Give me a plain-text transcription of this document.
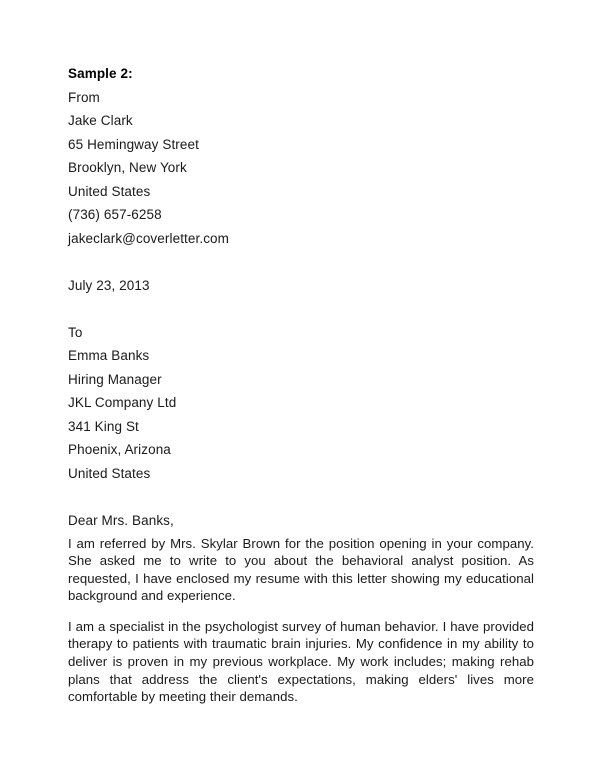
Sample 2:
From
Jake Clark
65 Hemingway Street
Brooklyn, New York
United States
(736) 657-6258
jakeclark@coverletter.com
July 23, 2013
To
Emma Banks
Hiring Manager
JKL Company Ltd
341 King St
Phoenix, Arizona
United States
Dear Mrs. Banks,

I am referred by Mrs. Skylar Brown for the position opening in your company. She asked me to write to you about the behavioral analyst position. As requested, I have enclosed my resume with this letter showing my educational background and experience.

I am a specialist in the psychologist survey of human behavior. I have provided therapy to patients with traumatic brain injuries. My confidence in my ability to deliver is proven in my previous workplace. My work includes; making rehab plans that address the client's expectations, making elders' lives more comfortable by meeting their demands.
